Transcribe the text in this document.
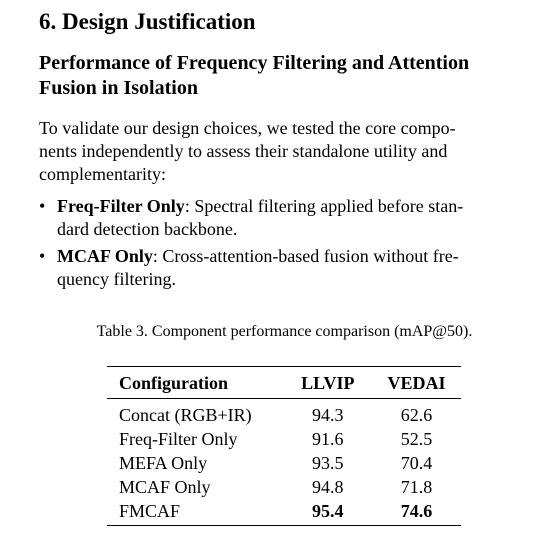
6. Design Justification
Performance of Frequency Filtering and Attention
Fusion in Isolation

To validate our design choices, we tested the core compo-
nents independently to assess their standalone utility and
complementarity:

• Freq-Filter Only: Spectral filtering applied before stan-
dard detection backbone.
• MCAF Only: Cross-attention-based fusion without fre-
quency filtering.
Table 3. Component performance comparison (mAP@50).
Configuration	LLVIP	VEDAI
Concat (RGB+IR)	94.3	62.6
Freq-Filter Only	91.6	52.5
MEFA Only	93.5	70.4
MCAF Only	94.8	71.8
FMCAF	95.4	74.6
